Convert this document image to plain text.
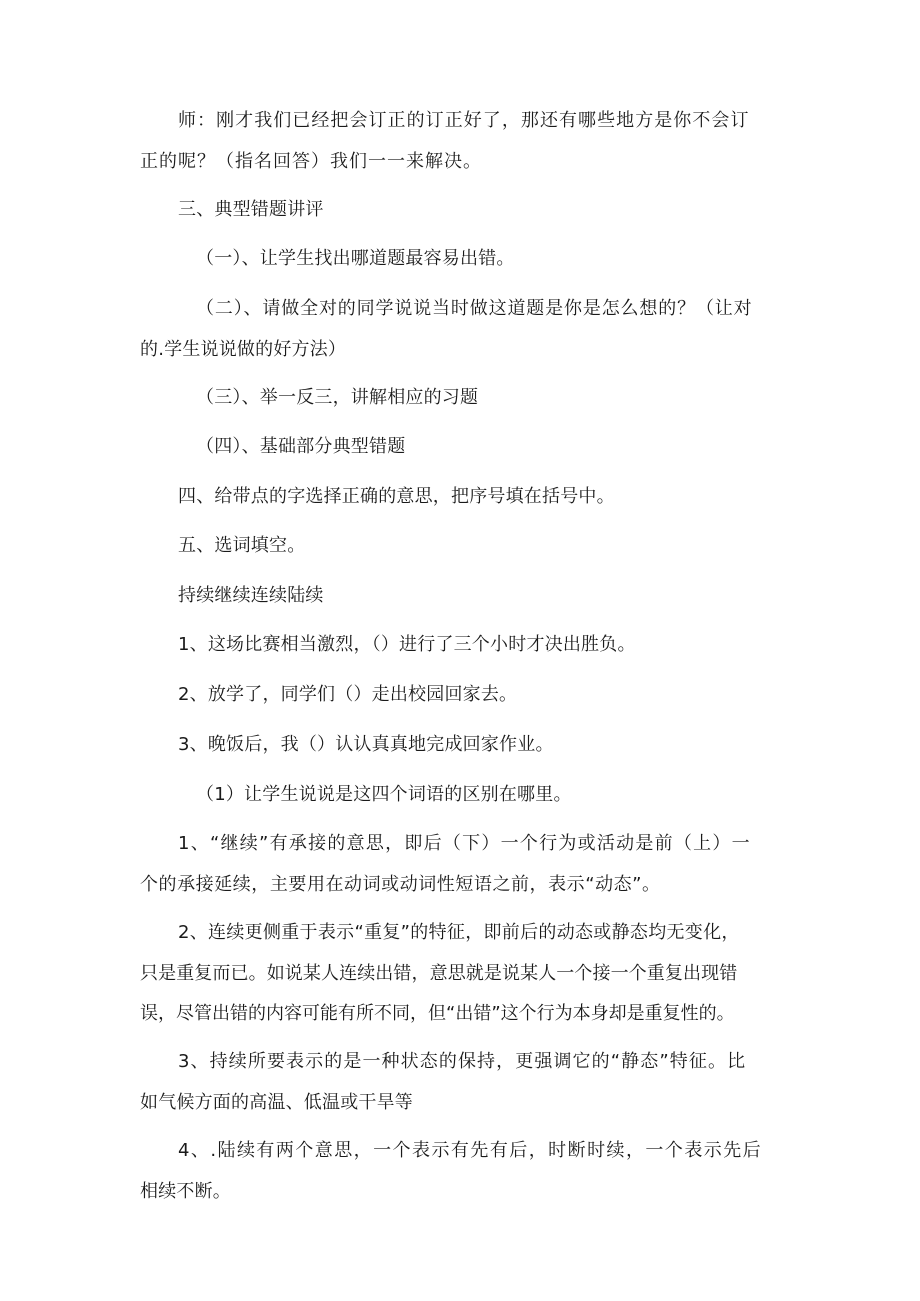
师：刚才我们已经把会订正的订正好了，那还有哪些地方是你不会订
正的呢？（指名回答）我们一一来解决。
三、典型错题讲评
（一）、让学生找出哪道题最容易出错。
（二）、请做全对的同学说说当时做这道题是你是怎么想的？（让对
的.学生说说做的好方法）
（三）、举一反三，讲解相应的习题
（四）、基础部分典型错题
四、给带点的字选择正确的意思，把序号填在括号中。
五、选词填空。
持续继续连续陆续
1、这场比赛相当激烈，（）进行了三个小时才决出胜负。
2、放学了，同学们（）走出校园回家去。
3、晚饭后，我（）认认真真地完成回家作业。
（1）让学生说说是这四个词语的区别在哪里。
1、“继续”有承接的意思，即后（下）一个行为或活动是前（上）一
个的承接延续，主要用在动词或动词性短语之前，表示“动态”。
2、连续更侧重于表示“重复”的特征，即前后的动态或静态均无变化，
只是重复而已。如说某人连续出错，意思就是说某人一个接一个重复出现错
误，尽管出错的内容可能有所不同，但“出错”这个行为本身却是重复性的。
3、持续所要表示的是一种状态的保持，更强调它的“静态”特征。比
如气候方面的高温、低温或干旱等
4、.陆续有两个意思，一个表示有先有后，时断时续，一个表示先后
相续不断。
